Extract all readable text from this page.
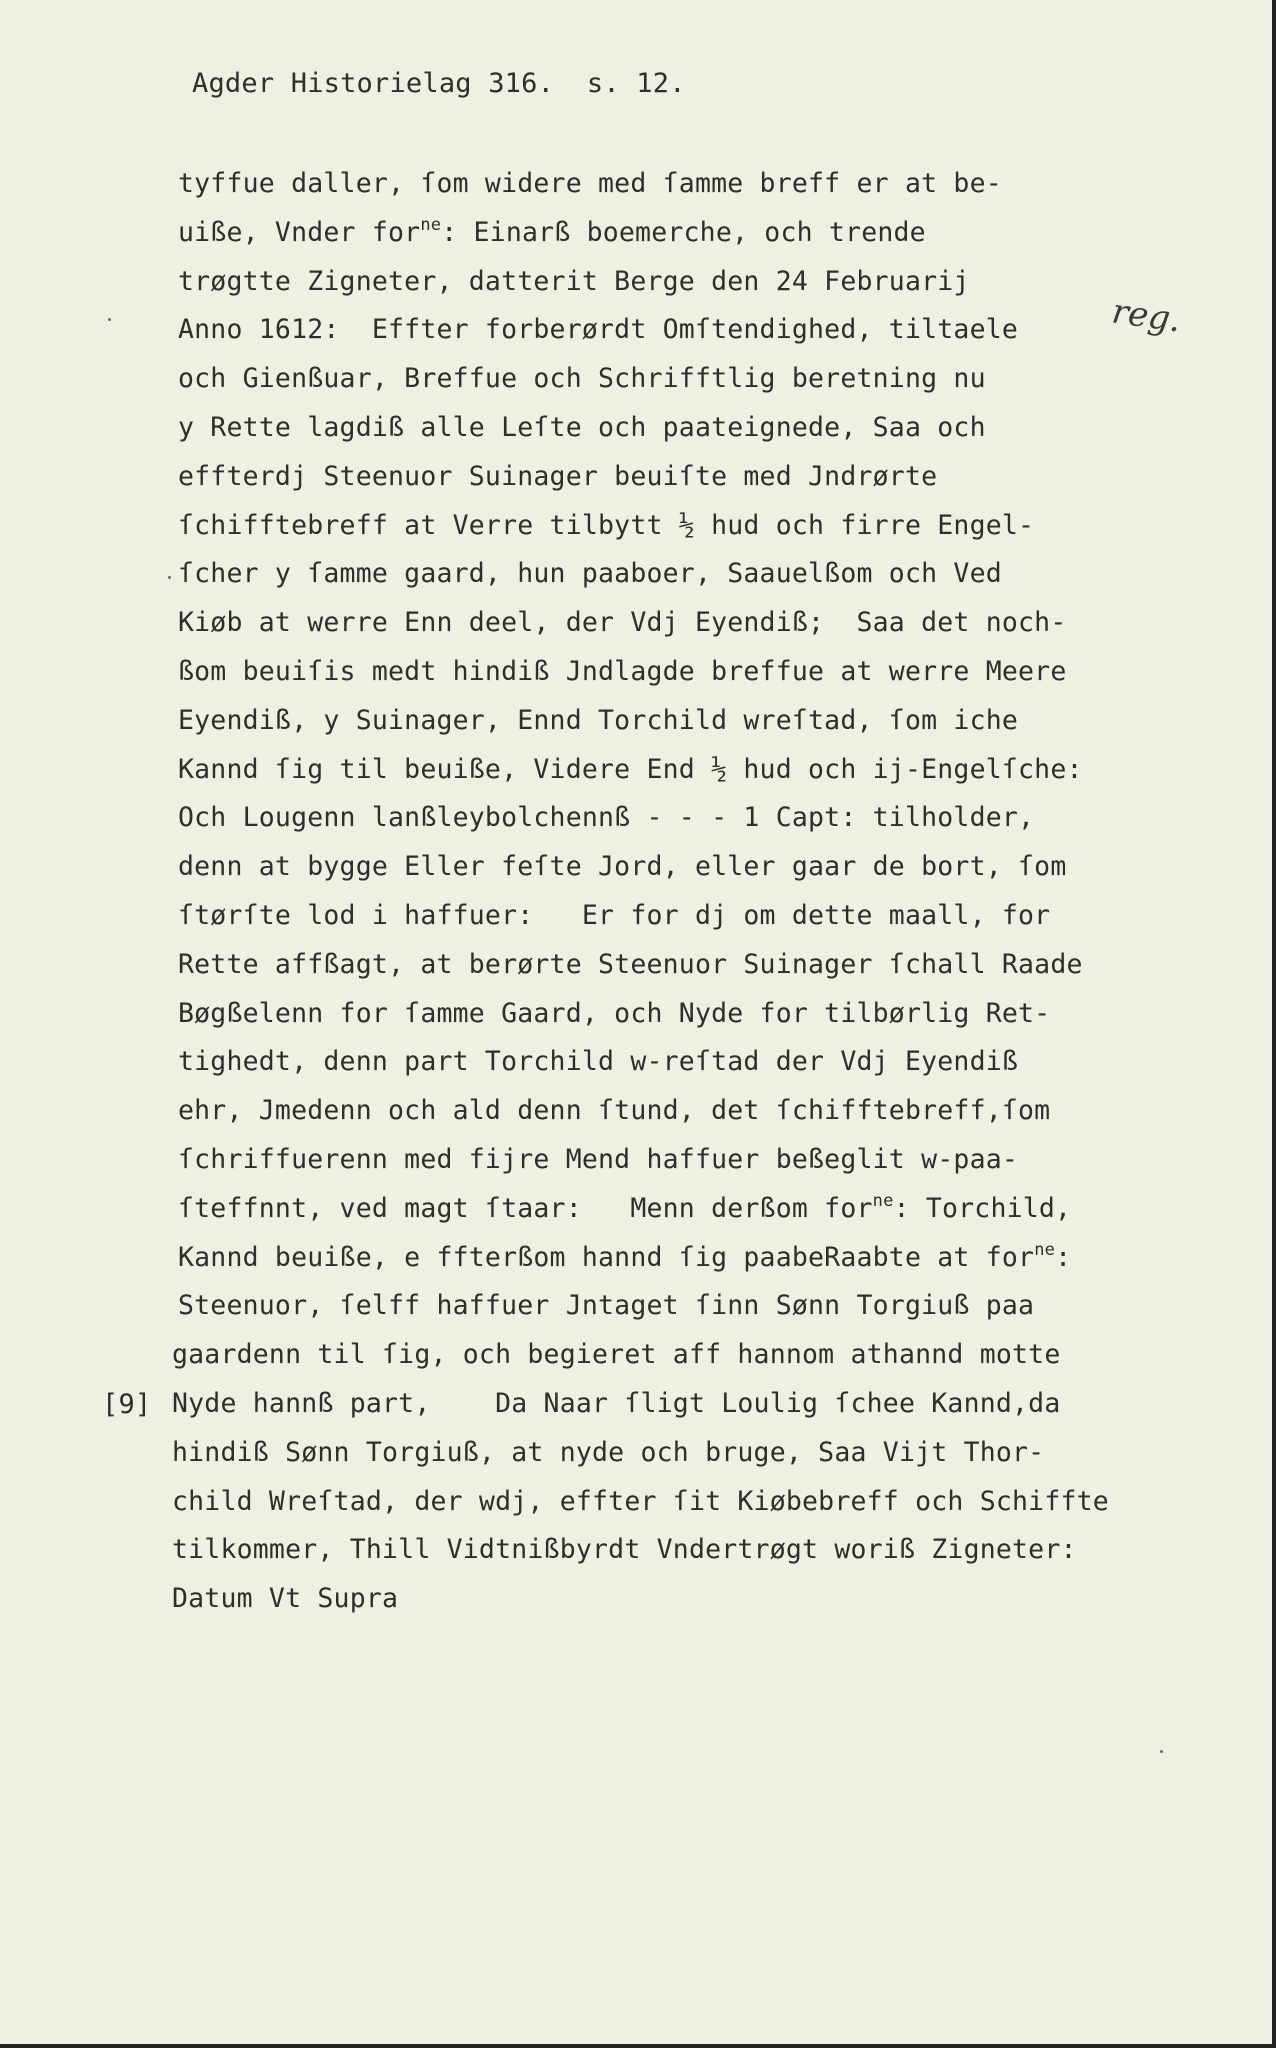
Agder Historielag 316.  s. 12.
reg.
[9]
tyffue daller, ſom widere med ſamme breff er at be-
uiße, Vnder for$^{ne}$: Einarß boemerche, och trende
trøgtte Zigneter, datterit Berge den 24 Februarij
Anno 1612:  Effter forberørdt Omſtendighed, tiltaele
och Gienßuar, Breffue och Schrifftlig beretning nu
y Rette lagdiß alle Leſte och paateignede, Saa och
effterdj Steenuor Suinager beuiſte med Jndrørte
ſchifftebreff at Verre tilbytt ½ hud och firre Engel-
ſcher y ſamme gaard, hun paaboer, Saauelßom och Ved
Kiøb at werre Enn deel, der Vdj Eyendiß;  Saa det noch-
ßom beuiſis medt hindiß Jndlagde breffue at werre Meere
Eyendiß, y Suinager, Ennd Torchild wreſtad, ſom iche
Kannd ſig til beuiße, Videre End ½ hud och ij-Engelſche:
Och Lougenn lanßleybolchennß - - - 1 Capt: tilholder,
denn at bygge Eller feſte Jord, eller gaar de bort, ſom
ſtørſte lod i haffuer:   Er for dj om dette maall, for
Rette affßagt, at berørte Steenuor Suinager ſchall Raade
Bøgßelenn for ſamme Gaard, och Nyde for tilbørlig Ret-
tighedt, denn part Torchild w-reſtad der Vdj Eyendiß
ehr, Jmedenn och ald denn ſtund, det ſchifftebreff,ſom
ſchriffuerenn med fijre Mend haffuer beßeglit w-paa-
ſteffnnt, ved magt ſtaar:   Menn derßom for$^{ne}$: Torchild,
Kannd beuiße, e ffterßom hannd ſig paabeRaabte at for$^{ne}$:
Steenuor, ſelff haffuer Jntaget ſinn Sønn Torgiuß paa
gaardenn til ſig, och begieret aff hannom athannd motte
Nyde hannß part,    Da Naar ſligt Loulig ſchee Kannd,da
hindiß Sønn Torgiuß, at nyde och bruge, Saa Vijt Thor-
child Wreſtad, der wdj, effter ſit Kiøbebreff och Schiffte
tilkommer, Thill Vidtnißbyrdt Vndertrøgt woriß Zigneter:
Datum Vt Supra
